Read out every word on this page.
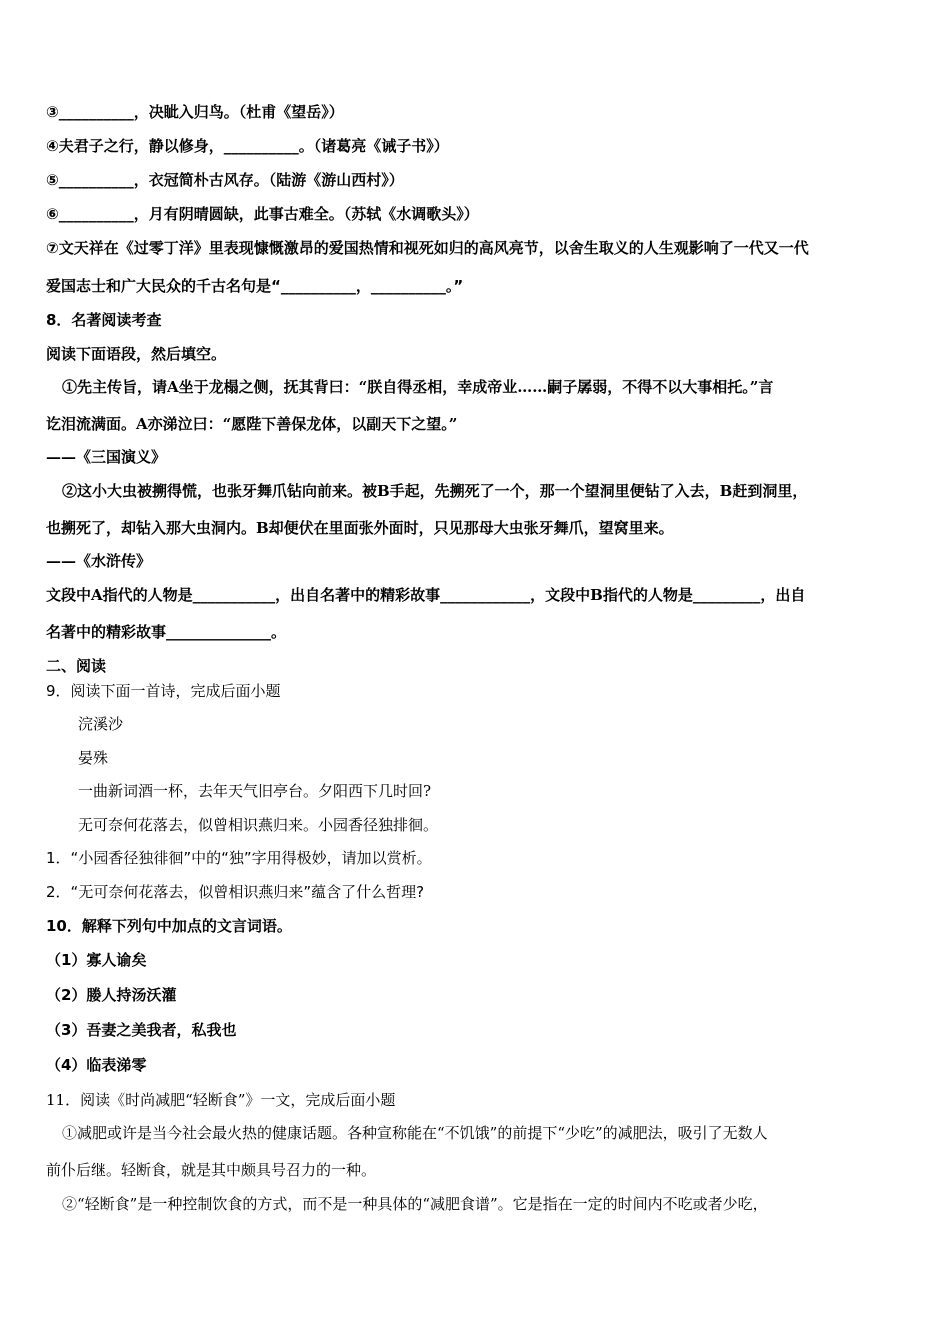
③__________，决眦入归鸟。（杜甫《望岳》）
④夫君子之行，静以修身，__________。（诸葛亮《诫子书》）
⑤__________，衣冠简朴古风存。（陆游《游山西村》）
⑥__________，月有阴晴圆缺，此事古难全。（苏轼《水调歌头》）
⑦文天祥在《过零丁洋》里表现慷慨激昂的爱国热情和视死如归的高风亮节，以舍生取义的人生观影响了一代又一代
爱国志士和广大民众的千古名句是“__________，__________。”
8．名著阅读考查
阅读下面语段，然后填空。
①先主传旨，请A坐于龙榻之侧，抚其背曰：“朕自得丞相，幸成帝业……嗣子孱弱，不得不以大事相托。”言
讫泪流满面。A亦涕泣曰：“愿陛下善保龙体，以副天下之望。”
——《三国演义》
②这小大虫被搠得慌，也张牙舞爪钻向前来。被B手起，先搠死了一个，那一个望洞里便钻了入去，B赶到洞里，
也搠死了，却钻入那大虫洞内。B却便伏在里面张外面时，只见那母大虫张牙舞爪，望窝里来。
——《水浒传》
文段中A指代的人物是___________，出自名著中的精彩故事____________，文段中B指代的人物是_________，出自
名著中的精彩故事______________。
二、阅读
9．阅读下面一首诗，完成后面小题
浣溪沙
晏殊
一曲新词酒一杯，去年天气旧亭台。夕阳西下几时回?
无可奈何花落去，似曾相识燕归来。小园香径独排徊。
1．“小园香径独徘徊”中的“独”字用得极妙，请加以赏析。
2．“无可奈何花落去，似曾相识燕归来”蕴含了什么哲理?
10．解释下列句中加点的文言词语。
（1）寡人谕矣
（2）媵人持汤沃灌
（3）吾妻之美我者，私我也
（4）临表涕零
11．阅读《时尚减肥“轻断食”》一文，完成后面小题
①减肥或许是当今社会最火热的健康话题。各种宣称能在“不饥饿”的前提下“少吃”的减肥法，吸引了无数人
前仆后继。轻断食，就是其中颇具号召力的一种。
②“轻断食”是一种控制饮食的方式，而不是一种具体的“减肥食谱”。它是指在一定的时间内不吃或者少吃，
